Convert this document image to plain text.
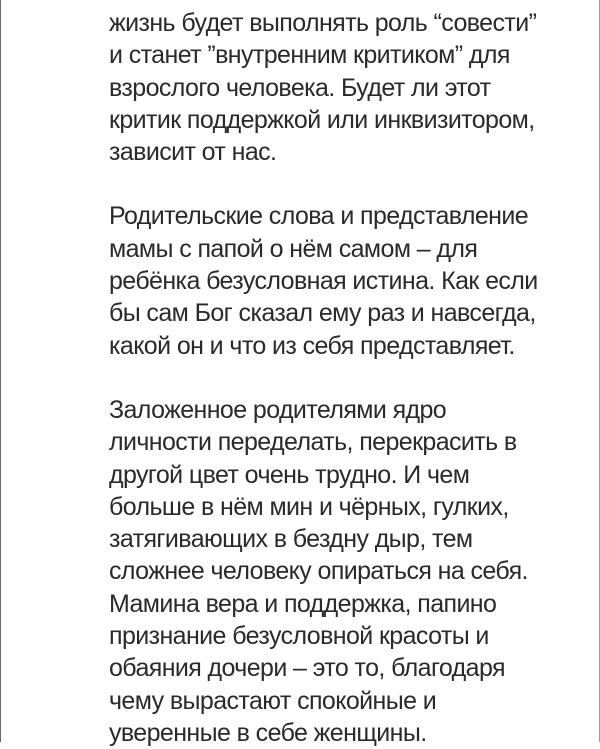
жизнь будет выполнять роль “совести”
и станет ”внутренним критиком” для
взрослого человека. Будет ли этот
критик поддержкой или инквизитором,
зависит от нас.

Родительские слова и представление
мамы с папой о нём самом – для
ребёнка безусловная истина. Как если
бы сам Бог сказал ему раз и навсегда,
какой он и что из себя представляет.

Заложенное родителями ядро
личности переделать, перекрасить в
другой цвет очень трудно. И чем
больше в нём мин и чёрных, гулких,
затягивающих в бездну дыр, тем
сложнее человеку опираться на себя.
Мамина вера и поддержка, папино
признание безусловной красоты и
обаяния дочери – это то, благодаря
чему вырастают спокойные и
уверенные в себе женщины.
